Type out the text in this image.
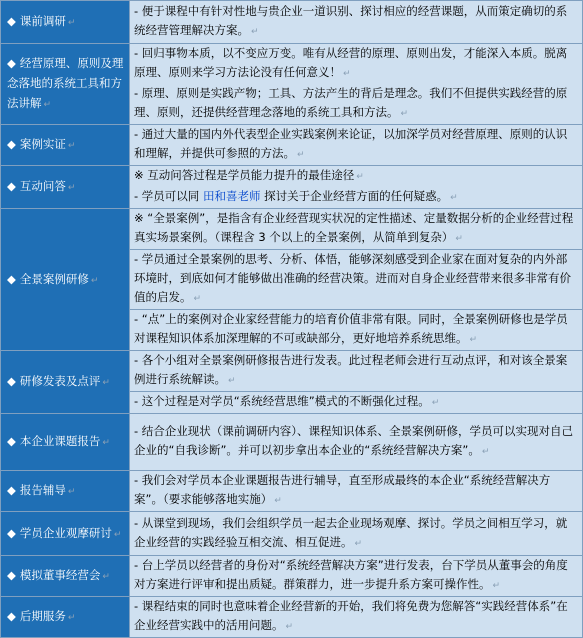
◆ 课前调研 ↵	- 便于课程中有针对性地与贵企业一道识别、探讨相应的经营课题，从而策定确切的系统经营管理解决方案。 ↵

◆ 经营原理、原则及理念落地的系统工具和方法讲解 ↵	- 回归事物本质，以不变应万变。唯有从经营的原理、原则出发，才能深入本质。脱离原理、原则来学习方法论没有任何意义！ ↵

- 原理、原则是实践产物；工具、方法产生的背后是理念。我们不但提供实践经营的原理、原则，还提供经营理念落地的系统工具和方法。 ↵

◆ 案例实证 ↵	- 通过大量的国内外代表型企业实践案例来论证，以加深学员对经营原理、原则的认识和理解，并提供可参照的方法。 ↵

◆ 互动问答 ↵	※ 互动问答过程是学员能力提升的最佳途径 ↵

- 学员可以同 田和喜老师 探讨关于企业经营方面的任何疑惑。 ↵

◆ 全景案例研修 ↵	※ “全景案例”，是指含有企业经营现实状况的定性描述、定量数据分析的企业经营过程真实场景案例。（课程含 3 个以上的全景案例，从简单到复杂） ↵

- 学员通过全景案例的思考、分析、体悟，能够深刻感受到企业家在面对复杂的内外部环境时，到底如何才能够做出准确的经营决策。进而对自身企业经营带来很多非常有价值的启发。 ↵

- “点”上的案例对企业家经营能力的培育价值非常有限。同时，全景案例研修也是学员对课程知识体系加深理解的不可或缺部分，更好地培养系统思维。 ↵

◆ 研修发表及点评 ↵	- 各个小组对全景案例研修报告进行发表。此过程老师会进行互动点评，和对该全景案例进行系统解读。 ↵

- 这个过程是对学员“系统经营思维”模式的不断强化过程。 ↵

◆ 本企业课题报告 ↵	- 结合企业现状（课前调研内容）、课程知识体系、全景案例研修，学员可以实现对自己企业的“自我诊断”。并可以初步拿出本企业的“系统经营解决方案”。 ↵

◆ 报告辅导 ↵	- 我们会对学员本企业课题报告进行辅导，直至形成最终的本企业“系统经营解决方案”。（要求能够落地实施） ↵

◆ 学员企业观摩研讨 ↵	- 从课堂到现场，我们会组织学员一起去企业现场观摩、探讨。学员之间相互学习，就企业经营的实践经验互相交流、相互促进。 ↵

◆ 模拟董事经营会 ↵	- 台上学员以经营者的身份对“系统经营解决方案”进行发表，台下学员从董事会的角度对方案进行评审和提出质疑。群策群力，进一步提升系方案可操作性。 ↵

◆ 后期服务 ↵	- 课程结束的同时也意味着企业经营新的开始，我们将免费为您解答“实践经营体系”在企业经营实践中的活用问题。 ↵
